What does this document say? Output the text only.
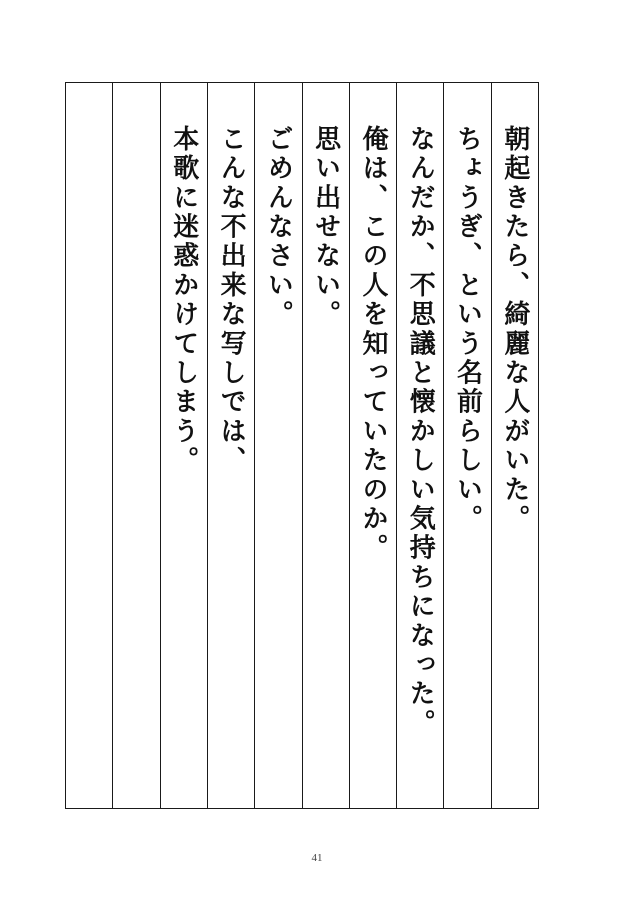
朝起きたら、綺麗な人がいた。
ちょうぎ、という名前らしい。
なんだか、不思議と懐かしい気持ちになった。
俺は、この人を知っていたのか。
思い出せない。
ごめんなさい。
こんな不出来な写しでは、
本歌に迷惑かけてしまう。
41
